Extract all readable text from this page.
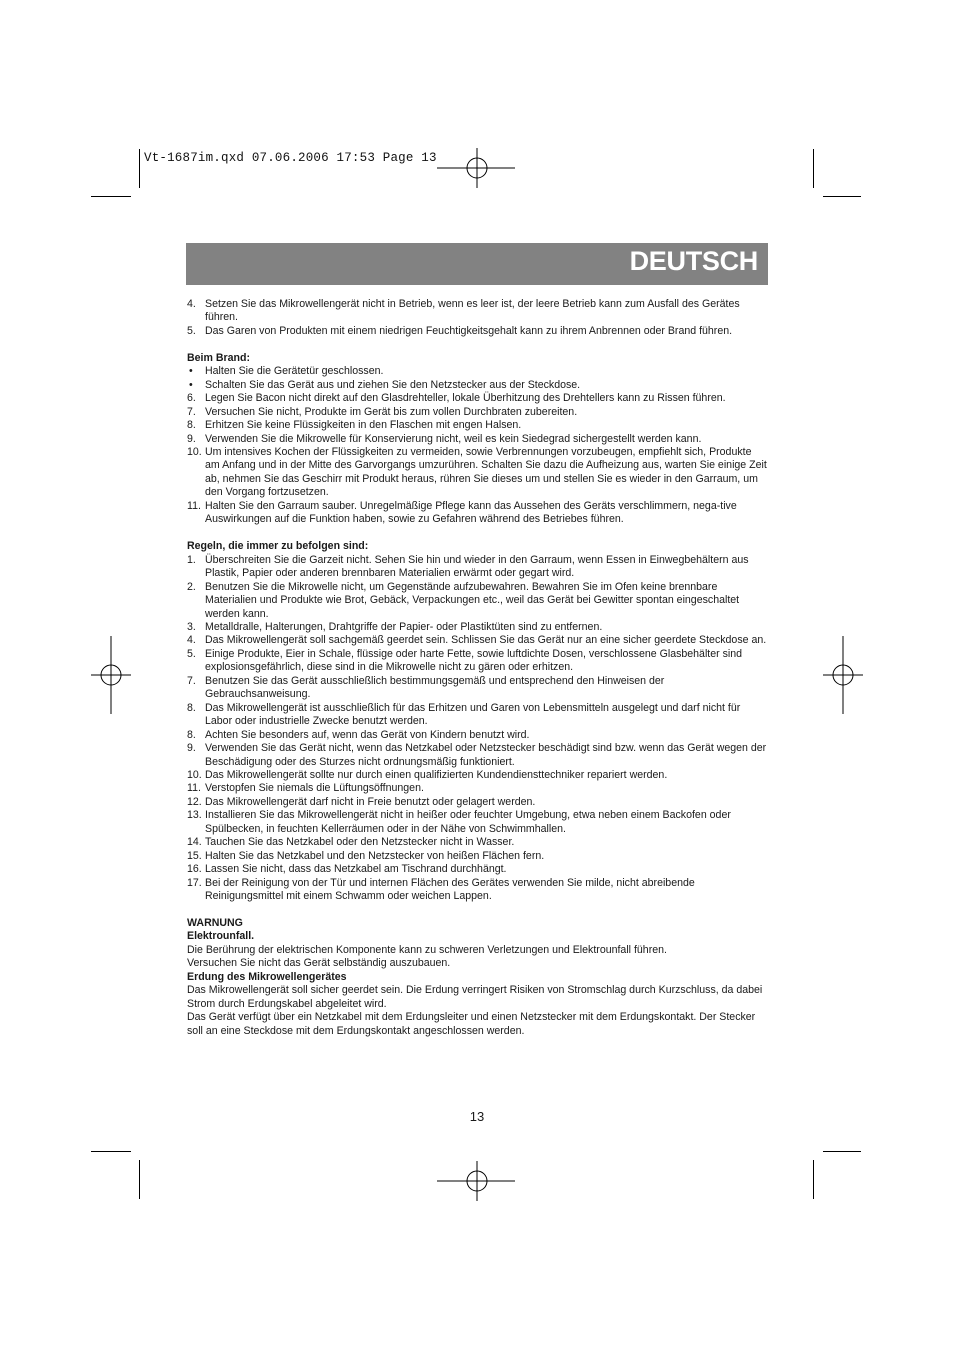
Vt-1687im.qxd 07.06.2006 17:53 Page 13
DEUTSCH
4. Setzen Sie das Mikrowellengerät nicht in Betrieb, wenn es leer ist, der leere Betrieb kann zum Ausfall des Gerätes führen.
5. Das Garen von Produkten mit einem niedrigen Feuchtigkeitsgehalt kann zu ihrem Anbrennen oder Brand führen.
Beim Brand:
• Halten Sie die Gerätetür geschlossen.
• Schalten Sie das Gerät aus und ziehen Sie den Netzstecker aus der Steckdose.
6. Legen Sie Bacon nicht direkt auf den Glasdrehteller, lokale Überhitzung des Drehtellers kann zu Rissen führen.
7. Versuchen Sie nicht, Produkte im Gerät bis zum vollen Durchbraten zubereiten.
8. Erhitzen Sie keine Flüssigkeiten in den Flaschen mit engen Halsen.
9. Verwenden Sie die Mikrowelle für Konservierung nicht, weil es kein Siedegrad sichergestellt werden kann.
10. Um intensives Kochen der Flüssigkeiten zu vermeiden, sowie Verbrennungen vorzubeugen, empfiehlt sich, Produkte am Anfang und in der Mitte des Garvorgangs umzurühren. Schalten Sie dazu die Aufheizung aus, warten Sie einige Zeit ab, nehmen Sie das Geschirr mit Produkt heraus, rühren Sie dieses um und stellen Sie es wieder in den Garraum, um den Vorgang fortzusetzen.
11. Halten Sie den Garraum sauber. Unregelmäßige Pflege kann das Aussehen des Geräts verschlimmern, nega-tive Auswirkungen auf die Funktion haben, sowie zu Gefahren während des Betriebes führen.
Regeln, die immer zu befolgen sind:
1. Überschreiten Sie die Garzeit nicht. Sehen Sie hin und wieder in den Garraum, wenn Essen in Einwegbehältern aus Plastik, Papier oder anderen brennbaren Materialien erwärmt oder gegart wird.
2. Benutzen Sie die Mikrowelle nicht, um Gegenstände aufzubewahren. Bewahren Sie im Ofen keine brennbare Materialien und Produkte wie Brot, Gebäck, Verpackungen etc., weil das Gerät bei Gewitter spontan eingeschaltet werden kann.
3. Metalldralle, Halterungen, Drahtgriffe der Papier- oder Plastiktüten sind zu entfernen.
4. Das Mikrowellengerät soll sachgemäß geerdet sein. Schlissen Sie das Gerät nur an eine sicher geerdete Steckdose an.
5. Einige Produkte, Eier in Schale, flüssige oder harte Fette, sowie luftdichte Dosen, verschlossene Glasbehälter sind explosionsgefährlich, diese sind in die Mikrowelle nicht zu gären oder erhitzen.
7. Benutzen Sie das Gerät ausschließlich bestimmungsgemäß und entsprechend den Hinweisen der Gebrauchsanweisung.
8. Das Mikrowellengerät ist ausschließlich für das Erhitzen und Garen von Lebensmitteln ausgelegt und darf nicht für Labor oder industrielle Zwecke benutzt werden.
8. Achten Sie besonders auf, wenn das Gerät von Kindern benutzt wird.
9. Verwenden Sie das Gerät nicht, wenn das Netzkabel oder Netzstecker beschädigt sind bzw. wenn das Gerät wegen der Beschädigung oder des Sturzes nicht ordnungsmäßig funktioniert.
10. Das Mikrowellengerät sollte nur durch einen qualifizierten Kundendiensttechniker repariert werden.
11. Verstopfen Sie niemals die Lüftungsöffnungen.
12. Das Mikrowellengerät darf nicht in Freie benutzt oder gelagert werden.
13. Installieren Sie das Mikrowellengerät nicht in heißer oder feuchter Umgebung, etwa neben einem Backofen oder Spülbecken, in feuchten Kellerräumen oder in der Nähe von Schwimmhallen.
14. Tauchen Sie das Netzkabel oder den Netzstecker nicht in Wasser.
15. Halten Sie das Netzkabel und den Netzstecker von heißen Flächen fern.
16. Lassen Sie nicht, dass das Netzkabel am Tischrand durchhängt.
17. Bei der Reinigung von der Tür und internen Flächen des Gerätes verwenden Sie milde, nicht abreibende Reinigungsmittel mit einem Schwamm oder weichen Lappen.
WARNUNG
Elektrounfall.
Die Berührung der elektrischen Komponente kann zu schweren Verletzungen und Elektrounfall führen.
Versuchen Sie nicht das Gerät selbständig auszubauen.
Erdung des Mikrowellengerätes
Das Mikrowellengerät soll sicher geerdet sein. Die Erdung verringert Risiken von Stromschlag durch Kurzschluss, da dabei Strom durch Erdungskabel abgeleitet wird.
Das Gerät verfügt über ein Netzkabel mit dem Erdungsleiter und einen Netzstecker mit dem Erdungskontakt. Der Stecker soll an eine Steckdose mit dem Erdungskontakt angeschlossen werden.
13
